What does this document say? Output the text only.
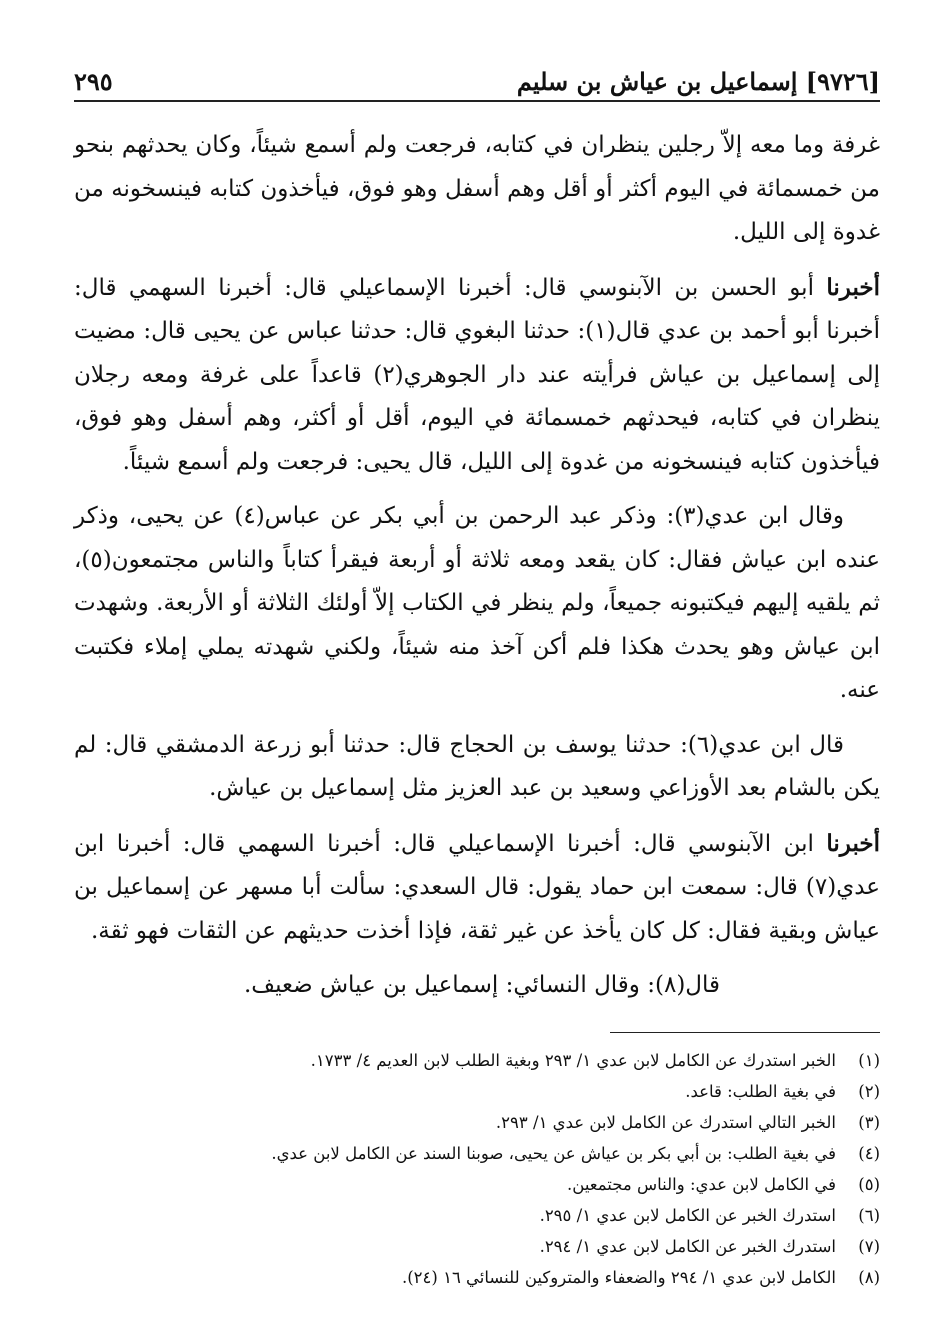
[٩٧٢٦] إسماعيل بن عياش بن سليم
٢٩٥

غرفة وما معه إلاّ رجلين ينظران في كتابه، فرجعت ولم أسمع شيئاً، وكان يحدثهم بنحو من خمسمائة في اليوم أكثر أو أقل وهم أسفل وهو فوق، فيأخذون كتابه فينسخونه من غدوة إلى الليل.

أخبرنا أبو الحسن بن الآبنوسي قال: أخبرنا الإسماعيلي قال: أخبرنا السهمي قال: أخبرنا أبو أحمد بن عدي قال(١): حدثنا البغوي قال: حدثنا عباس عن يحيى قال: مضيت إلى إسماعيل بن عياش فرأيته عند دار الجوهري(٢) قاعداً على غرفة ومعه رجلان ينظران في كتابه، فيحدثهم خمسمائة في اليوم، أقل أو أكثر، وهم أسفل وهو فوق، فيأخذون كتابه فينسخونه من غدوة إلى الليل، قال يحيى: فرجعت ولم أسمع شيئاً.

وقال ابن عدي(٣): وذكر عبد الرحمن بن أبي بكر عن عباس(٤) عن يحيى، وذكر عنده ابن عياش فقال: كان يقعد ومعه ثلاثة أو أربعة فيقرأ كتاباً والناس مجتمعون(٥)، ثم يلقيه إليهم فيكتبونه جميعاً، ولم ينظر في الكتاب إلاّ أولئك الثلاثة أو الأربعة. وشهدت ابن عياش وهو يحدث هكذا فلم أكن آخذ منه شيئاً، ولكني شهدته يملي إملاء فكتبت عنه.

قال ابن عدي(٦): حدثنا يوسف بن الحجاج قال: حدثنا أبو زرعة الدمشقي قال: لم يكن بالشام بعد الأوزاعي وسعيد بن عبد العزيز مثل إسماعيل بن عياش.

أخبرنا ابن الآبنوسي قال: أخبرنا الإسماعيلي قال: أخبرنا السهمي قال: أخبرنا ابن عدي(٧) قال: سمعت ابن حماد يقول: قال السعدي: سألت أبا مسهر عن إسماعيل بن عياش وبقية فقال: كل كان يأخذ عن غير ثقة، فإذا أخذت حديثهم عن الثقات فهو ثقة.

قال(٨): وقال النسائي: إسماعيل بن عياش ضعيف.

(١)
الخبر استدرك عن الكامل لابن عدي ١/ ٢٩٣ وبغية الطلب لابن العديم ٤/ ١٧٣٣.
(٢)
في بغية الطلب: قاعد.
(٣)
الخبر التالي استدرك عن الكامل لابن عدي ١/ ٢٩٣.
(٤)
في بغية الطلب: بن أبي بكر بن عياش عن يحيى، صوبنا السند عن الكامل لابن عدي.
(٥)
في الكامل لابن عدي: والناس مجتمعين.
(٦)
استدرك الخبر عن الكامل لابن عدي ١/ ٢٩٥.
(٧)
استدرك الخبر عن الكامل لابن عدي ١/ ٢٩٤.
(٨)
الكامل لابن عدي ١/ ٢٩٤ والضعفاء والمتروكين للنسائي ١٦ (٢٤).
